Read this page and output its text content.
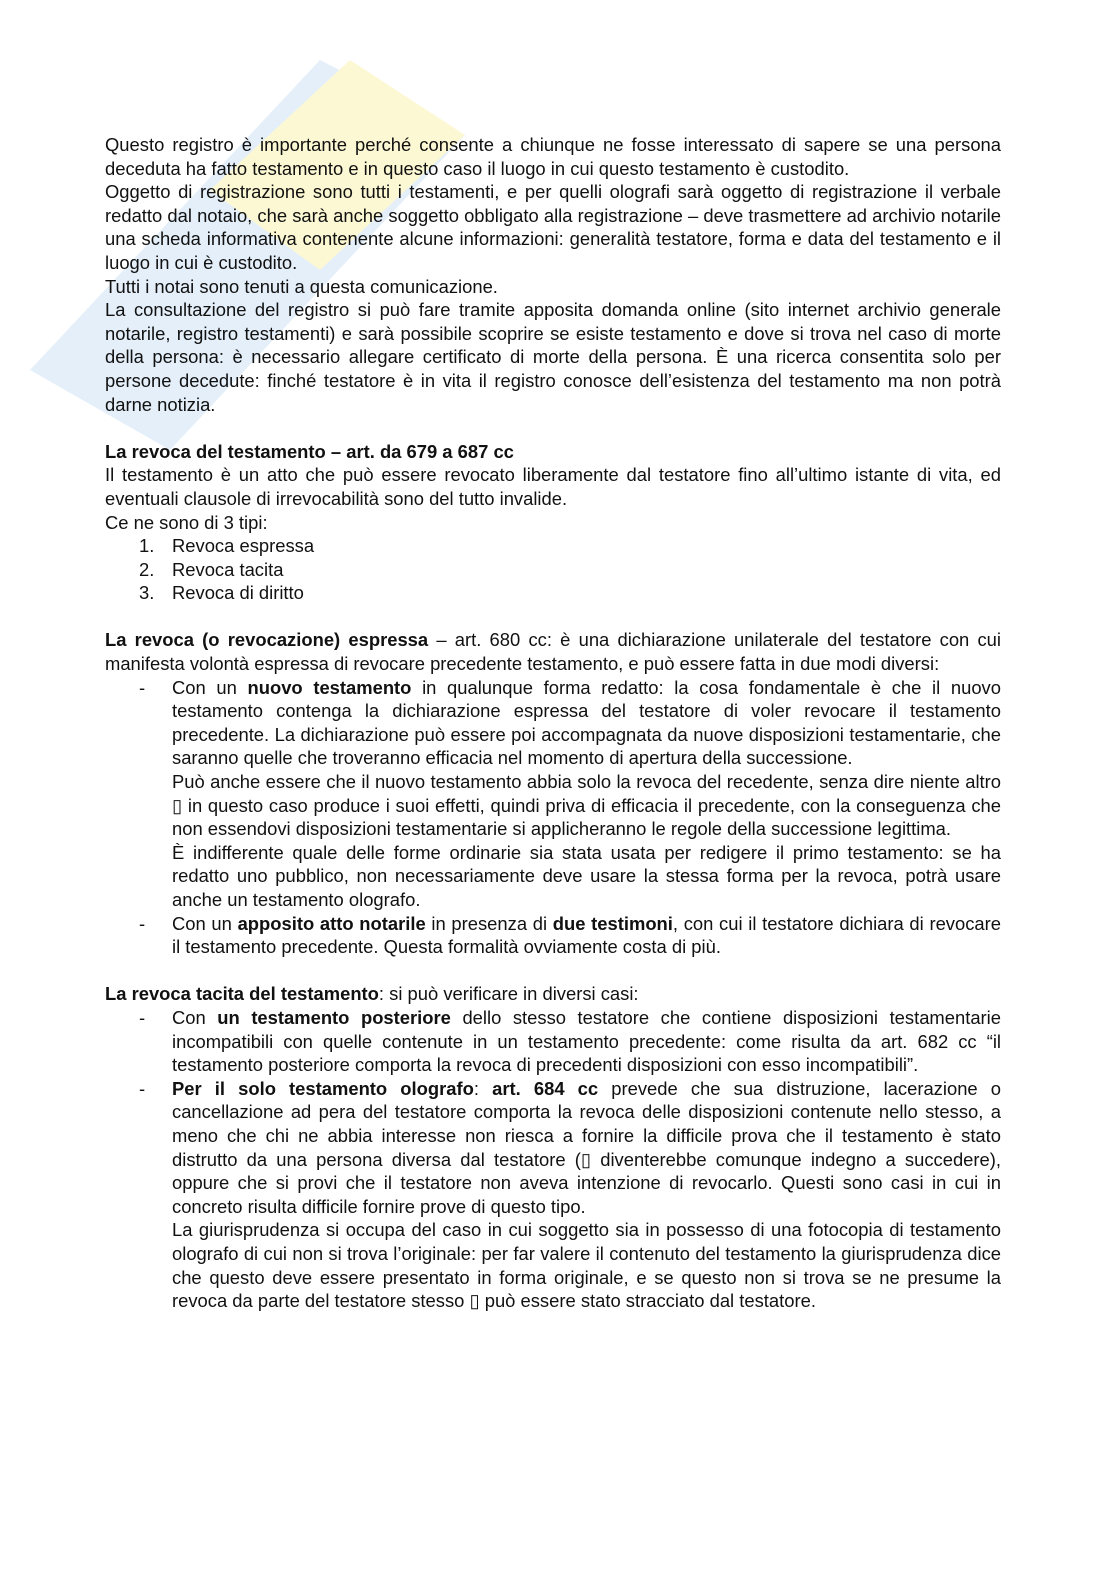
Questo registro è importante perché consente a chiunque ne fosse interessato di sapere se una persona deceduta ha fatto testamento e in questo caso il luogo in cui questo testamento è custodito.

Oggetto di registrazione sono tutti i testamenti, e per quelli olografi sarà oggetto di registrazione il verbale redatto dal notaio, che sarà anche soggetto obbligato alla registrazione – deve trasmettere ad archivio notarile una scheda informativa contenente alcune informazioni: generalità testatore, forma e data del testamento e il luogo in cui è custodito.

Tutti i notai sono tenuti a questa comunicazione.

La consultazione del registro si può fare tramite apposita domanda online (sito internet archivio generale notarile, registro testamenti) e sarà possibile scoprire se esiste testamento e dove si trova nel caso di morte della persona: è necessario allegare certificato di morte della persona. È una ricerca consentita solo per persone decedute: finché testatore è in vita il registro conosce dell’esistenza del testamento ma non potrà darne notizia.

La revoca del testamento – art. da 679 a 687 cc

Il testamento è un atto che può essere revocato liberamente dal testatore fino all’ultimo istante di vita, ed eventuali clausole di irrevocabilità sono del tutto invalide.

Ce ne sono di 3 tipi:

1. Revoca espressa
2. Revoca tacita
3. Revoca di diritto

La revoca (o revocazione) espressa – art. 680 cc: è una dichiarazione unilaterale del testatore con cui manifesta volontà espressa di revocare precedente testamento, e può essere fatta in due modi diversi:

-	Con un nuovo testamento in qualunque forma redatto: la cosa fondamentale è che il nuovo testamento contenga la dichiarazione espressa del testatore di voler revocare il testamento precedente. La dichiarazione può essere poi accompagnata da nuove disposizioni testamentarie, che saranno quelle che troveranno efficacia nel momento di apertura della successione.

Può anche essere che il nuovo testamento abbia solo la revoca del recedente, senza dire niente altro ▯ in questo caso produce i suoi effetti, quindi priva di efficacia il precedente, con la conseguenza che non essendovi disposizioni testamentarie si applicheranno le regole della successione legittima.

È indifferente quale delle forme ordinarie sia stata usata per redigere il primo testamento: se ha redatto uno pubblico, non necessariamente deve usare la stessa forma per la revoca, potrà usare anche un testamento olografo.

-	Con un apposito atto notarile in presenza di due testimoni, con cui il testatore dichiara di revocare il testamento precedente. Questa formalità ovviamente costa di più.

La revoca tacita del testamento: si può verificare in diversi casi:

-	Con un testamento posteriore dello stesso testatore che contiene disposizioni testamentarie incompatibili con quelle contenute in un testamento precedente: come risulta da art. 682 cc “il testamento posteriore comporta la revoca di precedenti disposizioni con esso incompatibili”.

-	Per il solo testamento olografo: art. 684 cc prevede che sua distruzione, lacerazione o cancellazione ad pera del testatore comporta la revoca delle disposizioni contenute nello stesso, a meno che chi ne abbia interesse non riesca a fornire la difficile prova che il testamento è stato distrutto da una persona diversa dal testatore (▯ diventerebbe comunque indegno a succedere), oppure che si provi che il testatore non aveva intenzione di revocarlo. Questi sono casi in cui in concreto risulta difficile fornire prove di questo tipo.

La giurisprudenza si occupa del caso in cui soggetto sia in possesso di una fotocopia di testamento olografo di cui non si trova l’originale: per far valere il contenuto del testamento la giurisprudenza dice che questo deve essere presentato in forma originale, e se questo non si trova se ne presume la revoca da parte del testatore stesso ▯ può essere stato stracciato dal testatore.
